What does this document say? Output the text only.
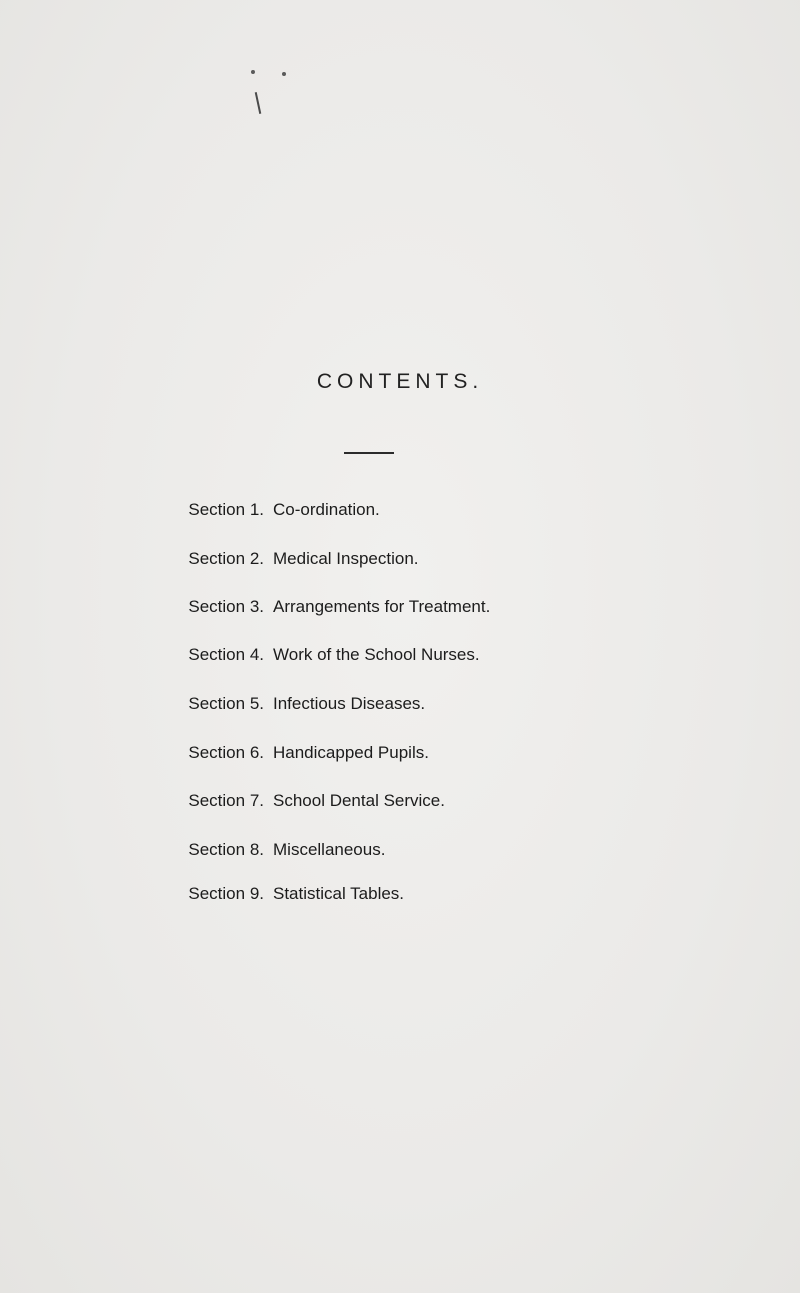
CONTENTS.
Section 1. Co-ordination.
Section 2. Medical Inspection.
Section 3. Arrangements for Treatment.
Section 4. Work of the School Nurses.
Section 5. Infectious Diseases.
Section 6. Handicapped Pupils.
Section 7. School Dental Service.
Section 8. Miscellaneous.
Section 9. Statistical Tables.
